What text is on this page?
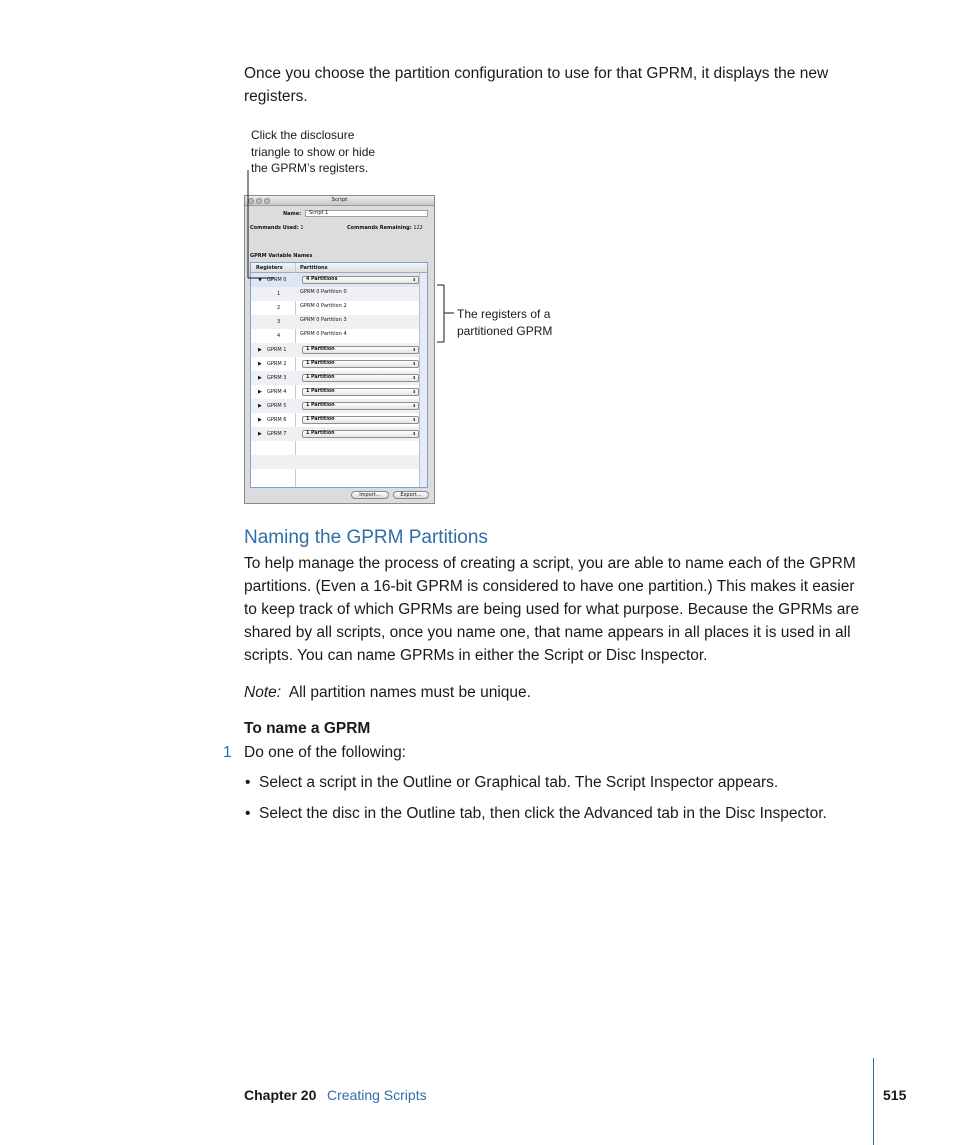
Once you choose the partition configuration to use for that GPRM, it displays the new
registers.
Click the disclosure
triangle to show or hide
the GPRM’s registers.
Script
Name:	Script 1
Commands Used: 1	Commands Remaining: 122
GPRM Variable Names
Registers	Partitions
▼ GPRM 0	4 Partitions	⬍
1	GPRM 0 Partition 0
2	GPRM 0 Partition 2
3	GPRM 0 Partition 3
4	GPRM 0 Partition 4
▶ GPRM 1	1 Partition	⬍
▶ GPRM 2	1 Partition	⬍
▶ GPRM 3	1 Partition	⬍
▶ GPRM 4	1 Partition	⬍
▶ GPRM 5	1 Partition	⬍
▶ GPRM 6	1 Partition	⬍
▶ GPRM 7	1 Partition	⬍
Import…	Export…
The registers of a
partitioned GPRM
Naming the GPRM Partitions
To help manage the process of creating a script, you are able to name each of the GPRM
partitions. (Even a 16-bit GPRM is considered to have one partition.) This makes it easier
to keep track of which GPRMs are being used for what purpose. Because the GPRMs are
shared by all scripts, once you name one, that name appears in all places it is used in all
scripts. You can name GPRMs in either the Script or Disc Inspector.
Note: All partition names must be unique.
To name a GPRM
1 Do one of the following:
• Select a script in the Outline or Graphical tab. The Script Inspector appears.
• Select the disc in the Outline tab, then click the Advanced tab in the Disc Inspector.
Chapter 20 Creating Scripts	515
